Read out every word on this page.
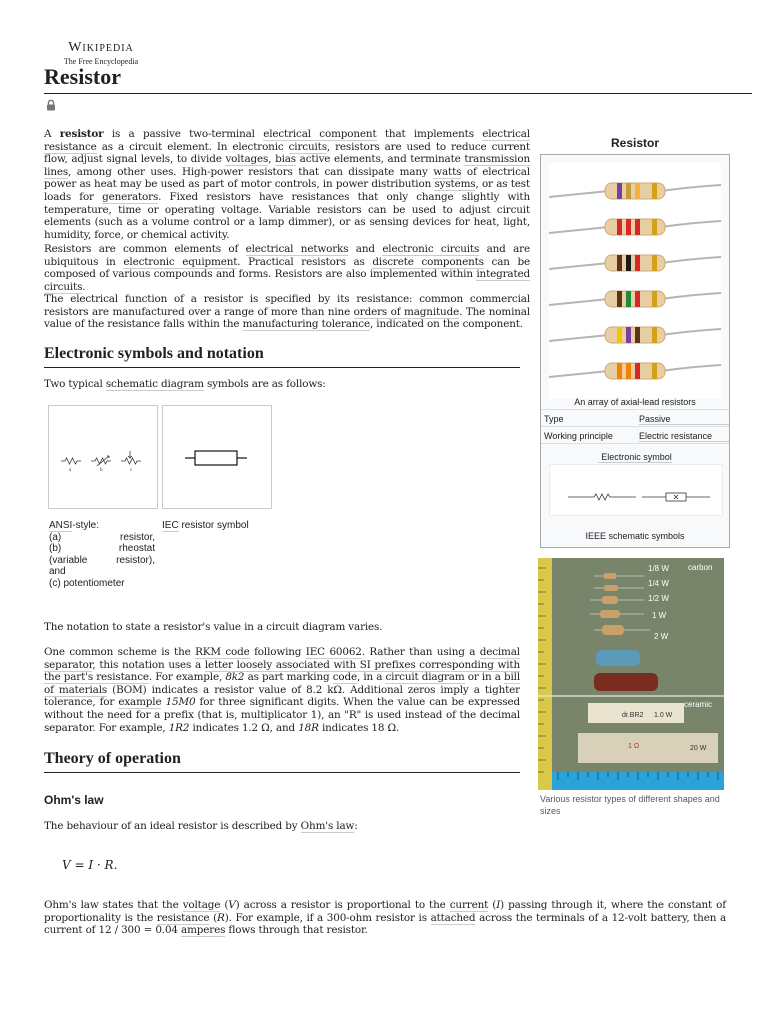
Wikipedia
The Free Encyclopedia
Resistor
A resistor is a passive two-terminal electrical component that implements electrical resistance as a circuit element. In electronic circuits, resistors are used to reduce current flow, adjust signal levels, to divide voltages, bias active elements, and terminate transmission lines, among other uses. High-power resistors that can dissipate many watts of electrical power as heat may be used as part of motor controls, in power distribution systems, or as test loads for generators. Fixed resistors have resistances that only change slightly with temperature, time or operating voltage. Variable resistors can be used to adjust circuit elements (such as a volume control or a lamp dimmer), or as sensing devices for heat, light, humidity, force, or chemical activity.
Resistors are common elements of electrical networks and electronic circuits and are ubiquitous in electronic equipment. Practical resistors as discrete components can be composed of various compounds and forms. Resistors are also implemented within integrated circuits.
The electrical function of a resistor is specified by its resistance: common commercial resistors are manufactured over a range of more than nine orders of magnitude. The nominal value of the resistance falls within the manufacturing tolerance, indicated on the component.
Electronic symbols and notation
Two typical schematic diagram symbols are as follows:
a	b	c
ANSI-style:
(a)	resistor,
(b)	rheostat
(variable	resistor),
and
(c) potentiometer
IEC resistor symbol
The notation to state a resistor's value in a circuit diagram varies.
One common scheme is the RKM code following IEC 60062. Rather than using a decimal separator, this notation uses a letter loosely associated with SI prefixes corresponding with the part's resistance. For example, 8k2 as part marking code, in a circuit diagram or in a bill of materials (BOM) indicates a resistor value of 8.2 kΩ. Additional zeros imply a tighter tolerance, for example 15M0 for three significant digits. When the value can be expressed without the need for a prefix (that is, multiplicator 1), an "R" is used instead of the decimal separator. For example, 1R2 indicates 1.2 Ω, and 18R indicates 18 Ω.
Theory of operation
Ohm's law
The behaviour of an ideal resistor is described by Ohm's law:
V = I · R.
Ohm's law states that the voltage (V) across a resistor is proportional to the current (I) passing through it, where the constant of proportionality is the resistance (R). For example, if a 300-ohm resistor is attached across the terminals of a 12-volt battery, then a current of 12 / 300 = 0.04 amperes flows through that resistor.
Resistor
An array of axial-lead resistors
Type	Passive
Working principle	Electric resistance
Electronic symbol
IEEE schematic symbols
carbon
1/8 W
1/4 W
1/2 W
1 W
2 W
ceramic
dr.BR2 1.0 W
1 Ω	20 W
Various resistor types of different shapes and sizes
